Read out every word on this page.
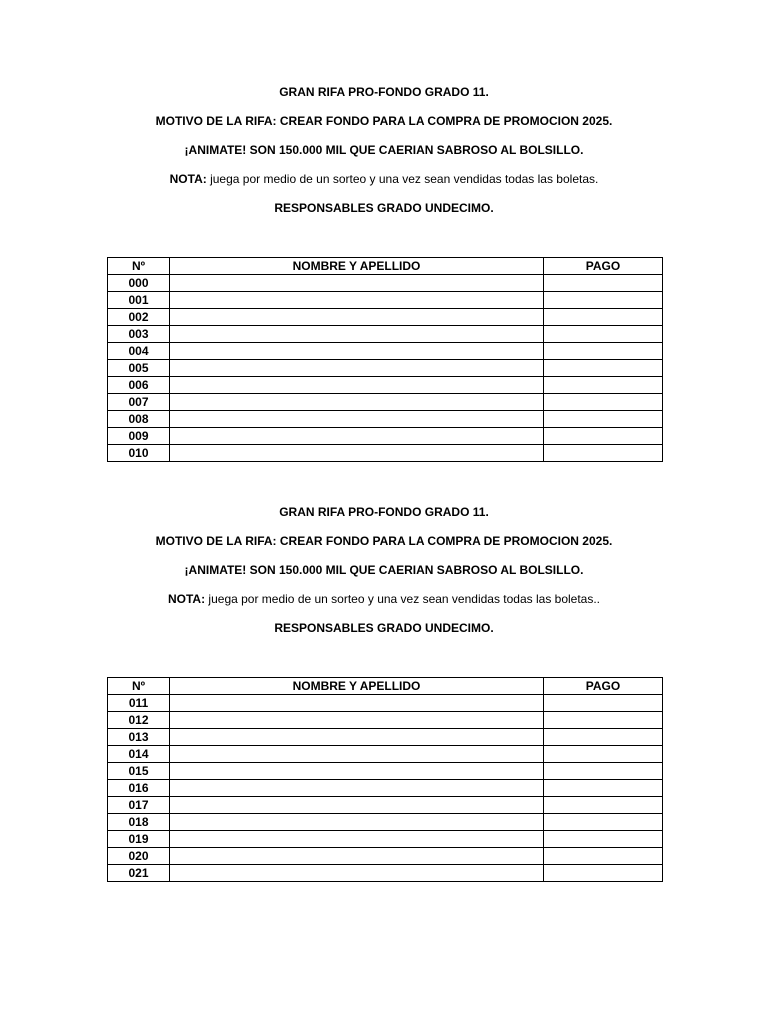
GRAN RIFA PRO-FONDO GRADO 11.
MOTIVO DE LA RIFA: CREAR FONDO PARA LA COMPRA DE PROMOCION 2025.
¡ANIMATE! SON 150.000 MIL QUE CAERIAN SABROSO AL BOLSILLO.
NOTA: juega por medio de un sorteo y una vez sean vendidas todas las boletas.
RESPONSABLES GRADO UNDECIMO.
Nº	NOMBRE Y APELLIDO	PAGO
000		
001		
002		
003		
004		
005		
006		
007		
008		
009		
010		
GRAN RIFA PRO-FONDO GRADO 11.
MOTIVO DE LA RIFA: CREAR FONDO PARA LA COMPRA DE PROMOCION 2025.
¡ANIMATE! SON 150.000 MIL QUE CAERIAN SABROSO AL BOLSILLO.
NOTA: juega por medio de un sorteo y una vez sean vendidas todas las boletas..
RESPONSABLES GRADO UNDECIMO.
Nº	NOMBRE Y APELLIDO	PAGO
011		
012		
013		
014		
015		
016		
017		
018		
019		
020		
021		
